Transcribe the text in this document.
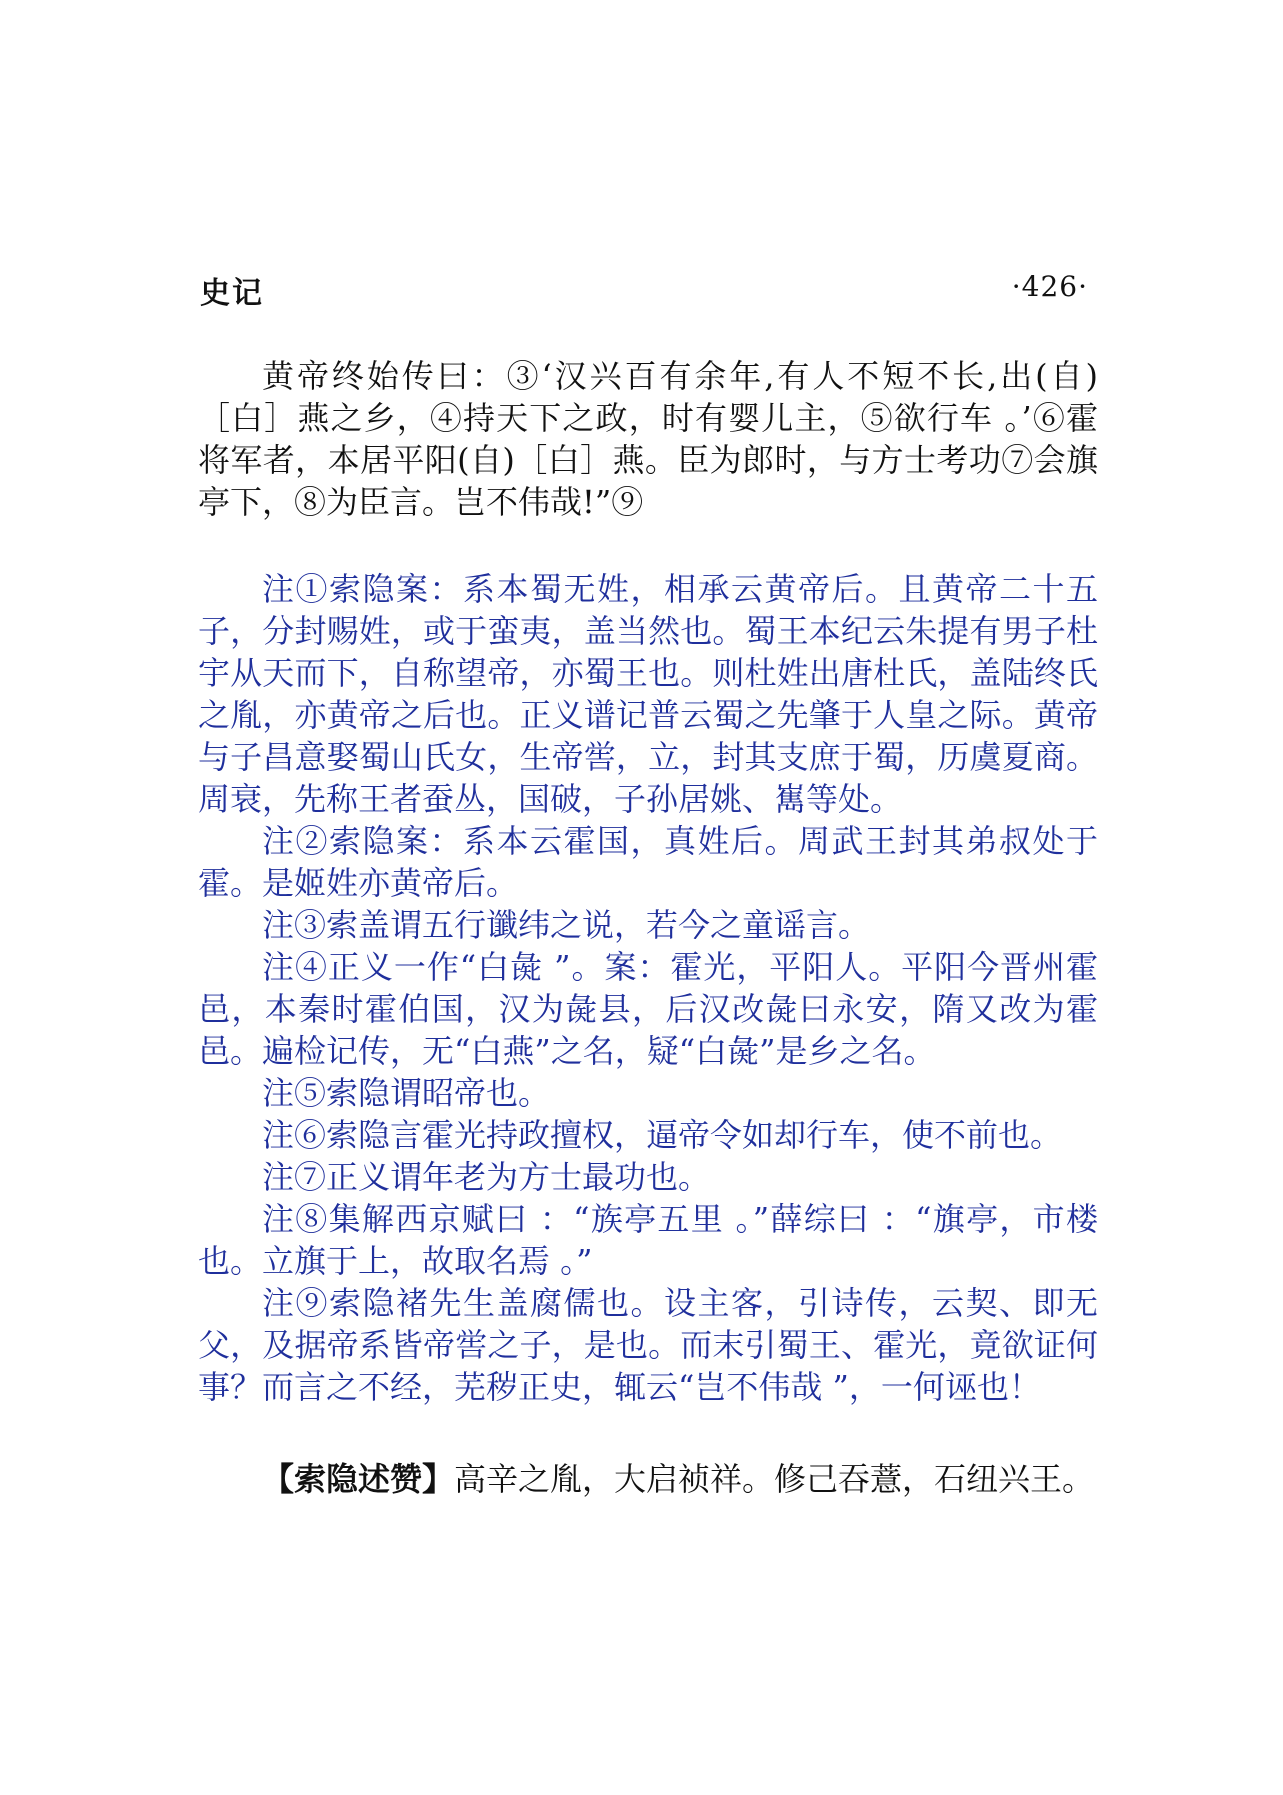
史记	·426·

黄帝终始传曰：③‘汉兴百有余年,有人不短不长,出(自)［白］燕之乡，④持天下之政，时有婴儿主，⑤欲行车 。’⑥霍将军者，本居平阳(自)［白］燕。臣为郎时，与方士考功⑦会旗亭下，⑧为臣言。岂不伟哉!”⑨

注①索隐案：系本蜀无姓，相承云黄帝后。且黄帝二十五子，分封赐姓，或于蛮夷，盖当然也。蜀王本纪云朱提有男子杜宇从天而下，自称望帝，亦蜀王也。则杜姓出唐杜氏，盖陆终氏之胤，亦黄帝之后也。正义谱记普云蜀之先肇于人皇之际。黄帝与子昌意娶蜀山氏女，生帝喾，立，封其支庶于蜀，历虞夏商。周衰，先称王者蚕丛，国破，子孙居姚、嶲等处。

注②索隐案：系本云霍国，真姓后。周武王封其弟叔处于霍。是姬姓亦黄帝后。

注③索盖谓五行谶纬之说，若今之童谣言。

注④正义一作“白彘 ”。案：霍光，平阳人。平阳今晋州霍邑，本秦时霍伯国，汉为彘县，后汉改彘曰永安，隋又改为霍邑。遍检记传，无“白燕”之名，疑“白彘”是乡之名。

注⑤索隐谓昭帝也。

注⑥索隐言霍光持政擅权，逼帝令如却行车，使不前也。

注⑦正义谓年老为方士最功也。

注⑧集解西京赋曰 ：“族亭五里 。”薛综曰 ：“旗亭，市楼也。立旗于上，故取名焉 。”

注⑨索隐褚先生盖腐儒也。设主客，引诗传，云契、即无父，及据帝系皆帝喾之子，是也。而末引蜀王、霍光，竟欲证何事？而言之不经，芜秽正史，辄云“岂不伟哉 ”，一何诬也！

【索隐述赞】高辛之胤，大启祯祥。修己吞薏，石纽兴王。
